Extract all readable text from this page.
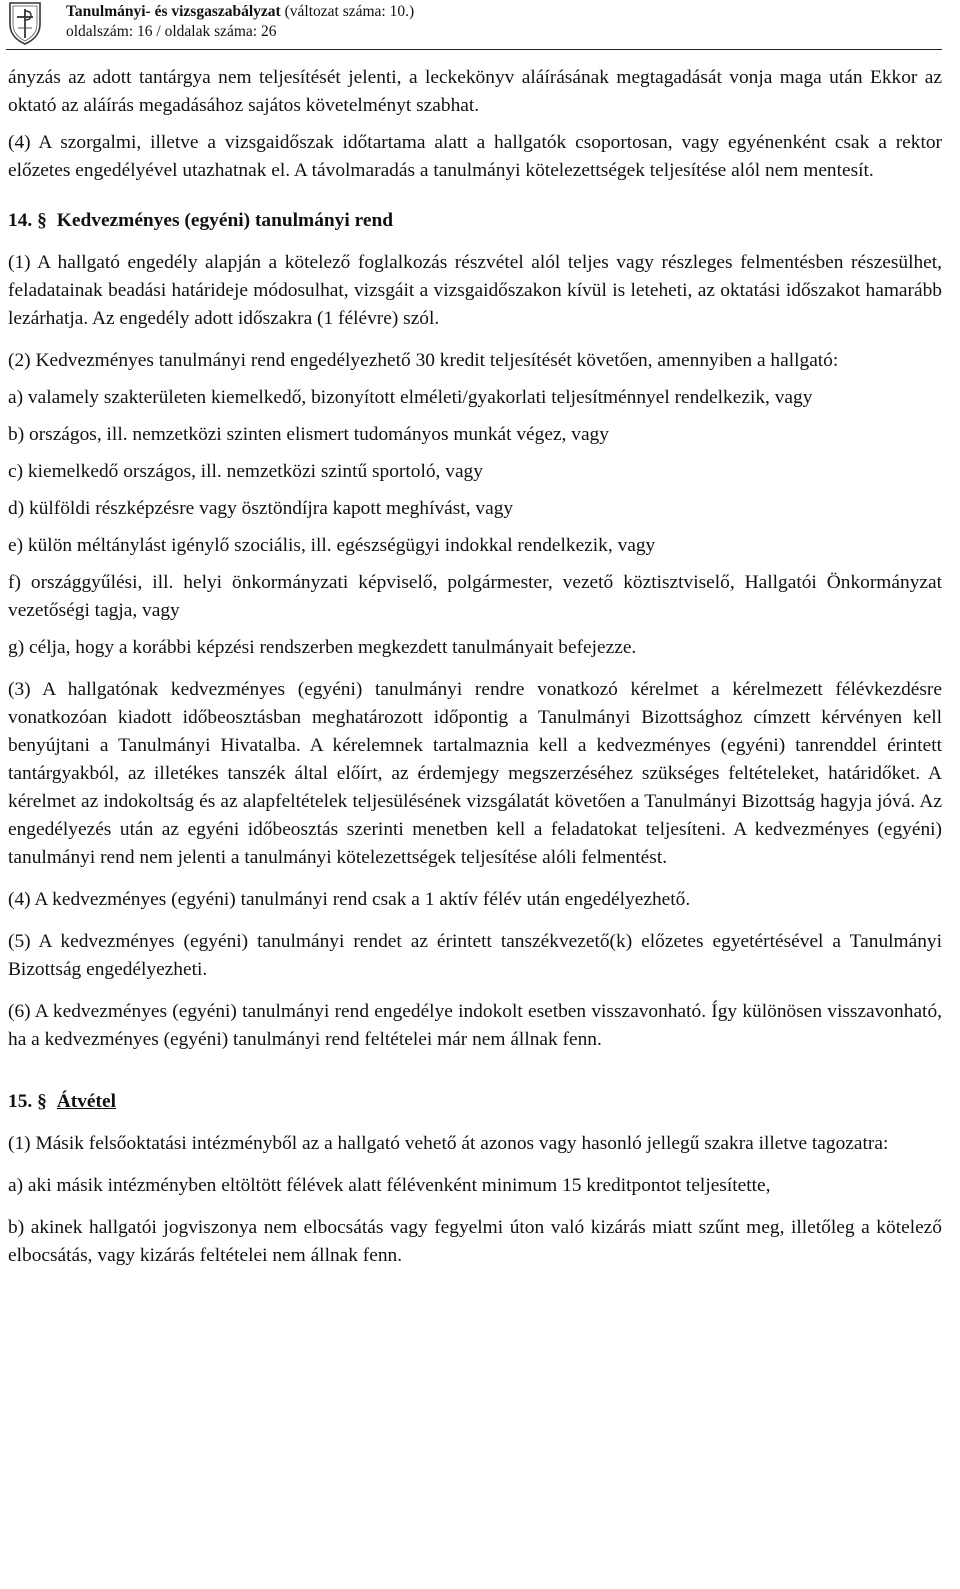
Tanulmányi- és vizsgaszabályzat (változat száma: 10.)
oldalszám: 16 / oldalak száma: 26

ányzás az adott tantárgya nem teljesítését jelenti, a leckekönyv aláírásának megtagadását vonja maga után Ekkor az oktató az aláírás megadásához sajátos követelményt szabhat.

(4) A szorgalmi, illetve a vizsgaidőszak időtartama alatt a hallgatók csoportosan, vagy egyénenként csak a rektor előzetes engedélyével utazhatnak el. A távolmaradás a tanulmányi kötelezettségek teljesítése alól nem mentesít.

14. § Kedvezményes (egyéni) tanulmányi rend

(1) A hallgató engedély alapján a kötelező foglalkozás részvétel alól teljes vagy részleges felmentésben részesülhet, feladatainak beadási határideje módosulhat, vizsgáit a vizsgaidőszakon kívül is leteheti, az oktatási időszakot hamarább lezárhatja. Az engedély adott időszakra (1 félévre) szól.

(2) Kedvezményes tanulmányi rend engedélyezhető 30 kredit teljesítését követően, amennyiben a hallgató:

a) valamely szakterületen kiemelkedő, bizonyított elméleti/gyakorlati teljesítménnyel rendelkezik, vagy

b) országos, ill. nemzetközi szinten elismert tudományos munkát végez, vagy

c) kiemelkedő országos, ill. nemzetközi szintű sportoló, vagy

d) külföldi részképzésre vagy ösztöndíjra kapott meghívást, vagy

e) külön méltánylást igénylő szociális, ill. egészségügyi indokkal rendelkezik, vagy

f) országgyűlési, ill. helyi önkormányzati képviselő, polgármester, vezető köztisztviselő, Hallgatói Önkormányzat vezetőségi tagja, vagy

g) célja, hogy a korábbi képzési rendszerben megkezdett tanulmányait befejezze.

(3) A hallgatónak kedvezményes (egyéni) tanulmányi rendre vonatkozó kérelmet a kérelmezett félévkezdésre vonatkozóan kiadott időbeosztásban meghatározott időpontig a Tanulmányi Bizottsághoz címzett kérvényen kell benyújtani a Tanulmányi Hivatalba. A kérelemnek tartalmaznia kell a kedvezményes (egyéni) tanrenddel érintett tantárgyakból, az illetékes tanszék által előírt, az érdemjegy megszerzéséhez szükséges feltételeket, határidőket. A kérelmet az indokoltság és az alapfeltételek teljesülésének vizsgálatát követően a Tanulmányi Bizottság hagyja jóvá. Az engedélyezés után az egyéni időbeosztás szerinti menetben kell a feladatokat teljesíteni. A kedvezményes (egyéni) tanulmányi rend nem jelenti a tanulmányi kötelezettségek teljesítése alóli felmentést.

(4) A kedvezményes (egyéni) tanulmányi rend csak a 1 aktív félév után engedélyezhető.

(5) A kedvezményes (egyéni) tanulmányi rendet az érintett tanszékvezető(k) előzetes egyetértésével a Tanulmányi Bizottság engedélyezheti.

(6) A kedvezményes (egyéni) tanulmányi rend engedélye indokolt esetben visszavonható. Így különösen visszavonható, ha a kedvezményes (egyéni) tanulmányi rend feltételei már nem állnak fenn.

15. § Átvétel

(1) Másik felsőoktatási intézményből az a hallgató vehető át azonos vagy hasonló jellegű szakra illetve tagozatra:

a) aki másik intézményben eltöltött félévek alatt félévenként minimum 15 kreditpontot teljesítette,

b) akinek hallgatói jogviszonya nem elbocsátás vagy fegyelmi úton való kizárás miatt szűnt meg, illetőleg a kötelező elbocsátás, vagy kizárás feltételei nem állnak fenn.
